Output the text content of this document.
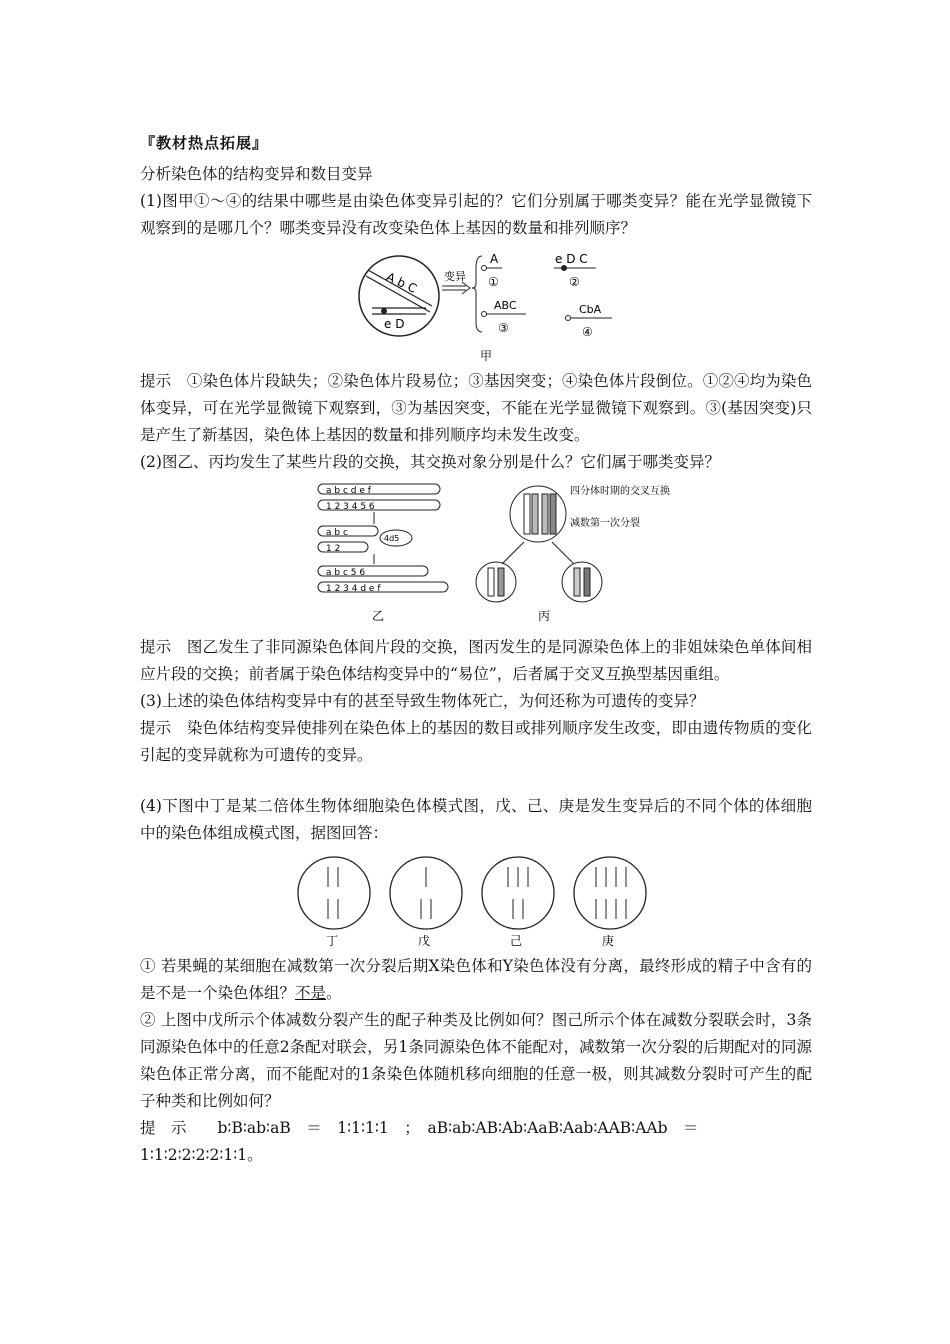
『教材热点拓展』

分析染色体的结构变异和数目变异

(1)图甲①～④的结果中哪些是由染色体变异引起的？它们分别属于哪类变异？能在光学显微镜下观察到的是哪几个？哪类变异没有改变染色体上基因的数量和排列顺序？

A b C
e D
变异
A
①
e D C
②
ABC
③
CbA
④
甲

提示　①染色体片段缺失；②染色体片段易位；③基因突变；④染色体片段倒位。①②④均为染色体变异，可在光学显微镜下观察到，③为基因突变，不能在光学显微镜下观察到。③(基因突变)只是产生了新基因，染色体上基因的数量和排列顺序均未发生改变。

(2)图乙、丙均发生了某些片段的交换，其交换对象分别是什么？它们属于哪类变异？

a b c d e f
1 2 3 4 5 6
a b c
4d5
1 2
a b c 5 6
1 2 3 4 d e f
乙
四分体时期的交叉互换
减数第一次分裂
丙

提示　图乙发生了非同源染色体间片段的交换，图丙发生的是同源染色体上的非姐妹染色单体间相应片段的交换；前者属于染色体结构变异中的“易位”，后者属于交叉互换型基因重组。

(3)上述的染色体结构变异中有的甚至导致生物体死亡，为何还称为可遗传的变异？

提示　染色体结构变异使排列在染色体上的基因的数目或排列顺序发生改变，即由遗传物质的变化引起的变异就称为可遗传的变异。

(4)下图中丁是某二倍体生物体细胞染色体模式图，戊、己、庚是发生变异后的不同个体的体细胞中的染色体组成模式图，据图回答：

丁	戊	己	庚

① 若果蝇的某细胞在减数第一次分裂后期X染色体和Y染色体没有分离，最终形成的精子中含有的是不是一个染色体组？不是。

② 上图中戊所示个体减数分裂产生的配子种类及比例如何？图己所示个体在减数分裂联会时，3条同源染色体中的任意2条配对联会，另1条同源染色体不能配对，减数第一次分裂的后期配对的同源染色体正常分离，而不能配对的1条染色体随机移向细胞的任意一极，则其减数分裂时可产生的配子种类和比例如何？

提　示　　b∶B∶ab∶aB　＝　1∶1∶1∶1　；　aB∶ab∶AB∶Ab∶AaB∶Aab∶AAB∶AAb　＝

1∶1∶2∶2∶2∶2∶1∶1。
